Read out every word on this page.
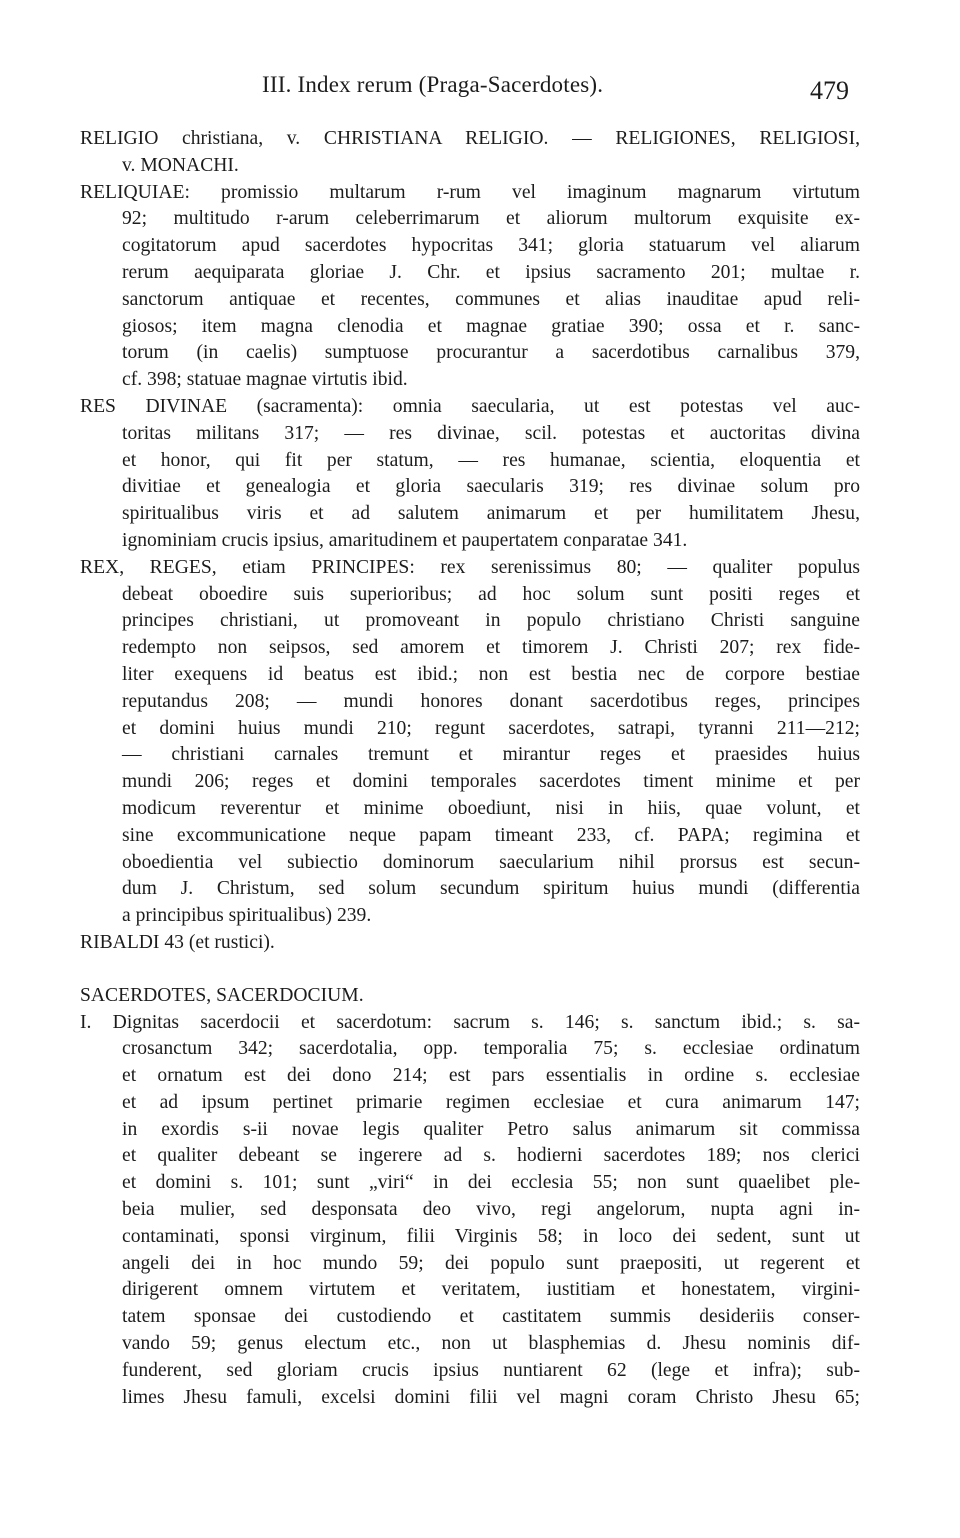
III. Index rerum (Praga-Sacerdotes).	479
RELIGIO christiana, v. CHRISTIANA RELIGIO. — RELIGIONES, RELIGIOSI,
v. MONACHI.
RELIQUIAE: promissio multarum r-rum vel imaginum magnarum virtutum
92; multitudo r-arum celeberrimarum et aliorum multorum exquisite ex-
cogitatorum apud sacerdotes hypocritas 341; gloria statuarum vel aliarum
rerum aequiparata gloriae J. Chr. et ipsius sacramento 201; multae r.
sanctorum antiquae et recentes, communes et alias inauditae apud reli-
giosos; item magna clenodia et magnae gratiae 390; ossa et r. sanc-
torum (in caelis) sumptuose procurantur a sacerdotibus carnalibus 379,
cf. 398; statuae magnae virtutis ibid.
RES DIVINAE (sacramenta): omnia saecularia, ut est potestas vel auc-
toritas militans 317; — res divinae, scil. potestas et auctoritas divina
et honor, qui fit per statum, — res humanae, scientia, eloquentia et
divitiae et genealogia et gloria saecularis 319; res divinae solum pro
spiritualibus viris et ad salutem animarum et per humilitatem Jhesu,
ignominiam crucis ipsius, amaritudinem et paupertatem conparatae 341.
REX, REGES, etiam PRINCIPES: rex serenissimus 80; — qualiter populus
debeat oboedire suis superioribus; ad hoc solum sunt positi reges et
principes christiani, ut promoveant in populo christiano Christi sanguine
redempto non seipsos, sed amorem et timorem J. Christi 207; rex fide-
liter exequens id beatus est ibid.; non est bestia nec de corpore bestiae
reputandus 208; — mundi honores donant sacerdotibus reges, principes
et domini huius mundi 210; regunt sacerdotes, satrapi, tyranni 211—212;
— christiani carnales tremunt et mirantur reges et praesides huius
mundi 206; reges et domini temporales sacerdotes timent minime et per
modicum reverentur et minime oboediunt, nisi in hiis, quae volunt, et
sine excommunicatione neque papam timeant 233, cf. PAPA; regimina et
oboedientia vel subiectio dominorum saecularium nihil prorsus est secun-
dum J. Christum, sed solum secundum spiritum huius mundi (differentia
a principibus spiritualibus) 239.
RIBALDI 43 (et rustici).
SACERDOTES, SACERDOCIUM.
I. Dignitas sacerdocii et sacerdotum: sacrum s. 146; s. sanctum ibid.; s. sa-
crosanctum 342; sacerdotalia, opp. temporalia 75; s. ecclesiae ordinatum
et ornatum est dei dono 214; est pars essentialis in ordine s. ecclesiae
et ad ipsum pertinet primarie regimen ecclesiae et cura animarum 147;
in exordis s-ii novae legis qualiter Petro salus animarum sit commissa
et qualiter debeant se ingerere ad s. hodierni sacerdotes 189; nos clerici
et domini s. 101; sunt „viri“ in dei ecclesia 55; non sunt quaelibet ple-
beia mulier, sed desponsata deo vivo, regi angelorum, nupta agni in-
contaminati, sponsi virginum, filii Virginis 58; in loco dei sedent, sunt ut
angeli dei in hoc mundo 59; dei populo sunt praepositi, ut regerent et
dirigerent omnem virtutem et veritatem, iustitiam et honestatem, virgini-
tatem sponsae dei custodiendo et castitatem summis desideriis conser-
vando 59; genus electum etc., non ut blasphemias d. Jhesu nominis dif-
funderent, sed gloriam crucis ipsius nuntiarent 62 (lege et infra); sub-
limes Jhesu famuli, excelsi domini filii vel magni coram Christo Jhesu 65;
